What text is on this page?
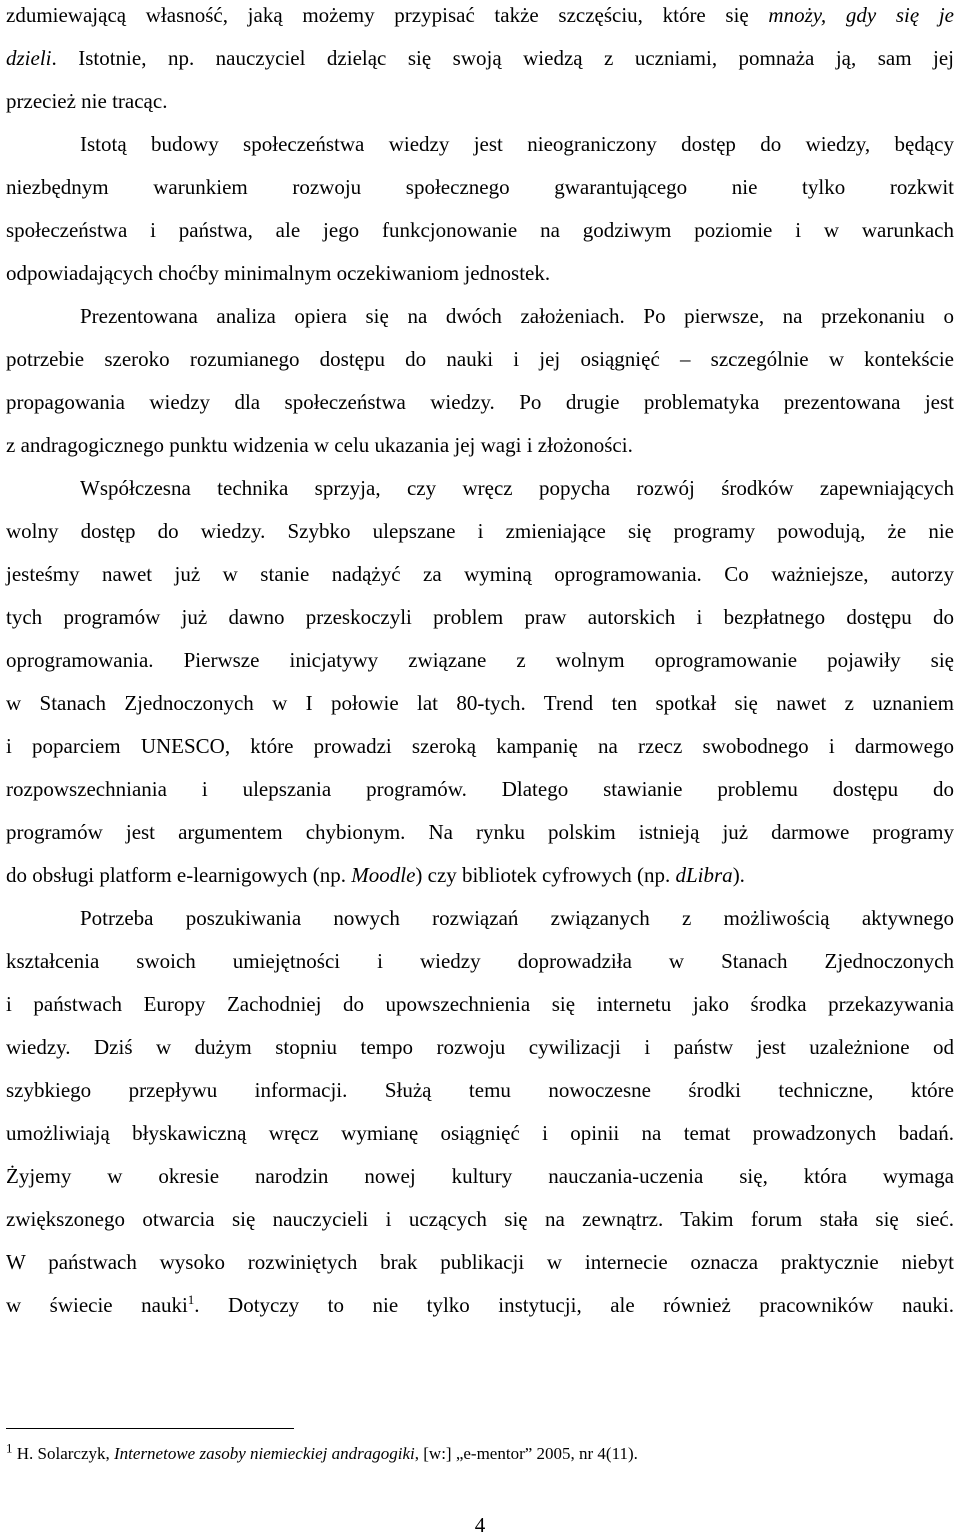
zdumiewającą własność, jaką możemy przypisać także szczęściu, które się mnoży, gdy się je
dzieli. Istotnie, np. nauczyciel dzieląc się swoją wiedzą z uczniami, pomnaża ją, sam jej
przecież nie tracąc.
Istotą budowy społeczeństwa wiedzy jest nieograniczony dostęp do wiedzy, będący
niezbędnym warunkiem rozwoju społecznego gwarantującego nie tylko rozkwit
społeczeństwa i państwa, ale jego funkcjonowanie na godziwym poziomie i w warunkach
odpowiadających choćby minimalnym oczekiwaniom jednostek.
Prezentowana analiza opiera się na dwóch założeniach. Po pierwsze, na przekonaniu o
potrzebie szeroko rozumianego dostępu do nauki i jej osiągnięć – szczególnie w kontekście
propagowania wiedzy dla społeczeństwa wiedzy. Po drugie problematyka prezentowana jest
z andragogicznego punktu widzenia w celu ukazania jej wagi i złożoności.
Współczesna technika sprzyja, czy wręcz popycha rozwój środków zapewniających
wolny dostęp do wiedzy. Szybko ulepszane i zmieniające się programy powodują, że nie
jesteśmy nawet już w stanie nadążyć za wyminą oprogramowania. Co ważniejsze, autorzy
tych programów już dawno przeskoczyli problem praw autorskich i bezpłatnego dostępu do
oprogramowania. Pierwsze inicjatywy związane z wolnym oprogramowanie pojawiły się
w Stanach Zjednoczonych w I połowie lat 80-tych. Trend ten spotkał się nawet z uznaniem
i poparciem UNESCO, które prowadzi szeroką kampanię na rzecz swobodnego i darmowego
rozpowszechniania i ulepszania programów. Dlatego stawianie problemu dostępu do
programów jest argumentem chybionym. Na rynku polskim istnieją już darmowe programy
do obsługi platform e-learnigowych (np. Moodle) czy bibliotek cyfrowych (np. dLibra).
Potrzeba poszukiwania nowych rozwiązań związanych z możliwością aktywnego
kształcenia swoich umiejętności i wiedzy doprowadziła w Stanach Zjednoczonych
i państwach Europy Zachodniej do upowszechnienia się internetu jako środka przekazywania
wiedzy. Dziś w dużym stopniu tempo rozwoju cywilizacji i państw jest uzależnione od
szybkiego przepływu informacji. Służą temu nowoczesne środki techniczne, które
umożliwiają błyskawiczną wręcz wymianę osiągnięć i opinii na temat prowadzonych badań.
Żyjemy w okresie narodzin nowej kultury nauczania-uczenia się, która wymaga
zwiększonego otwarcia się nauczycieli i uczących się na zewnątrz. Takim forum stała się sieć.
W państwach wysoko rozwiniętych brak publikacji w internecie oznacza praktycznie niebyt
w świecie nauki$^1$. Dotyczy to nie tylko instytucji, ale również pracowników nauki.
$^1$ H. Solarczyk, Internetowe zasoby niemieckiej andragogiki, [w:] „e-mentor” 2005, nr 4(11).
4
